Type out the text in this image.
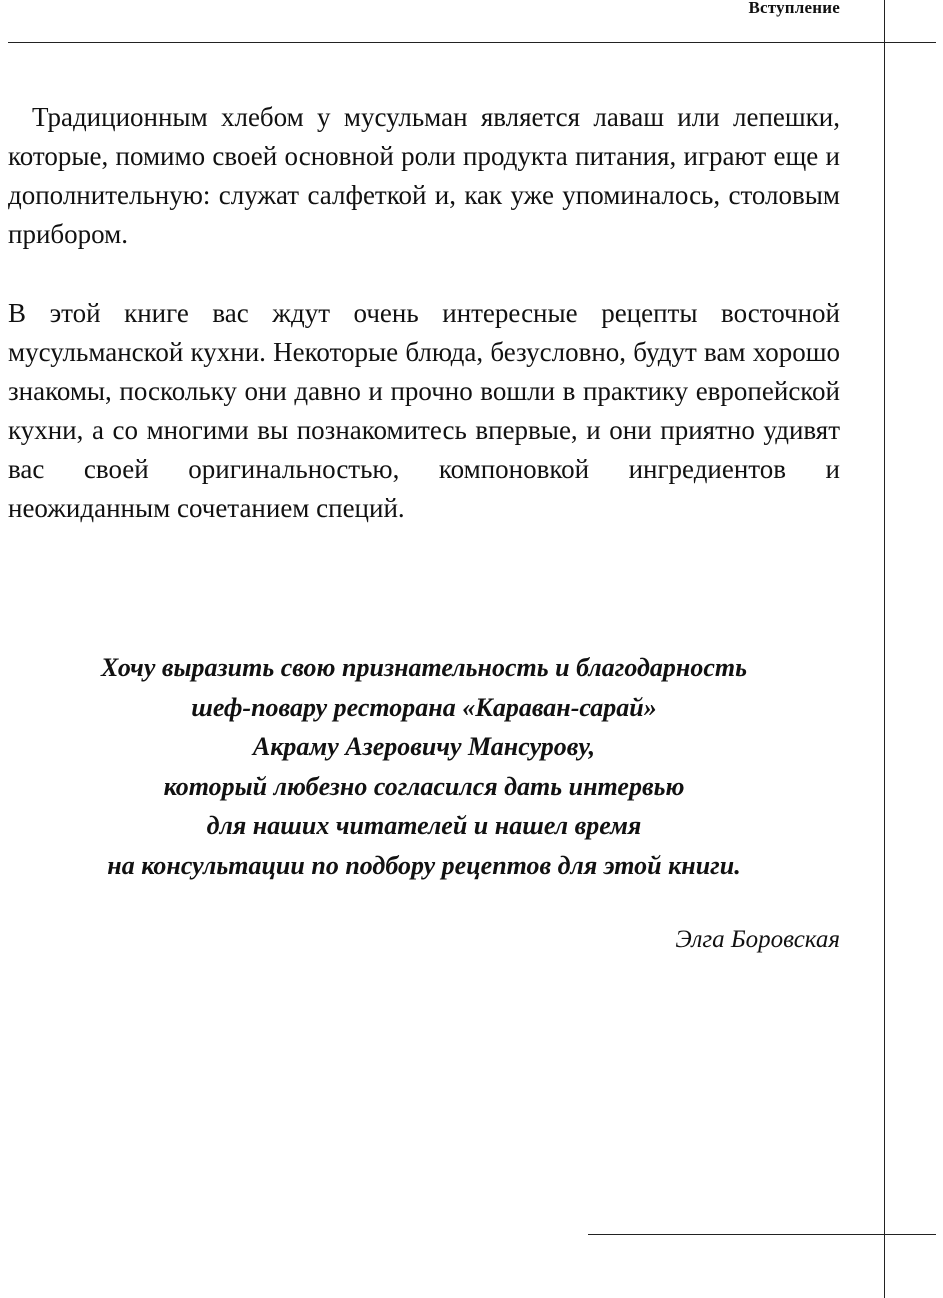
Вступление

Традиционным хлебом у мусульман является лаваш или лепешки, которые, помимо своей основной роли продукта питания, играют еще и дополнительную: служат салфеткой и, как уже упоминалось, столовым прибором.

В этой книге вас ждут очень интересные рецепты восточной мусульманской кухни. Некоторые блюда, безусловно, будут вам хорошо знакомы, поскольку они давно и прочно вошли в практику европейской кухни, а со многими вы познакомитесь впервые, и они приятно удивят вас своей оригинальностью, компоновкой ингредиентов и неожиданным сочетанием специй.

Хочу выразить свою признательность и благодарность
шеф-повару ресторана «Караван-сарай»
Акраму Азеровичу Мансурову,
который любезно согласился дать интервью
для наших читателей и нашел время
на консультации по подбору рецептов для этой книги.
Элга Боровская
